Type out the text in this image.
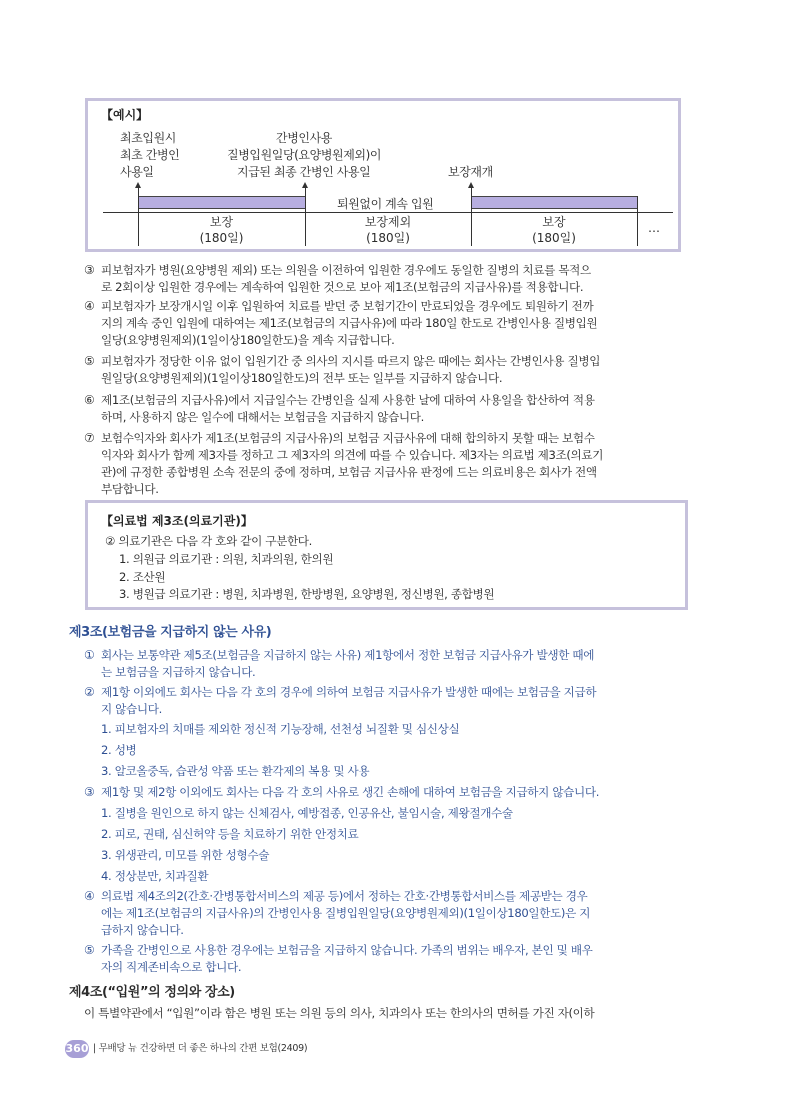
【예시】
최초입원시
최초 간병인
사용일
간병인사용
질병입원일당(요양병원제외)이
지급된 최종 간병인 사용일	보장재개
퇴원없이 계속 입원
보장
(180일)
보장제외
(180일)
보장
(180일)
…
③ 피보험자가 병원(요양병원 제외) 또는 의원을 이전하여 입원한 경우에도 동일한 질병의 치료를 목적으
로 2회이상 입원한 경우에는 계속하여 입원한 것으로 보아 제1조(보험금의 지급사유)를 적용합니다.
④ 피보험자가 보장개시일 이후 입원하여 치료를 받던 중 보험기간이 만료되었을 경우에도 퇴원하기 전까
지의 계속 중인 입원에 대하여는 제1조(보험금의 지급사유)에 따라 180일 한도로 간병인사용 질병입원
일당(요양병원제외)(1일이상180일한도)을 계속 지급합니다.
⑤ 피보험자가 정당한 이유 없이 입원기간 중 의사의 지시를 따르지 않은 때에는 회사는 간병인사용 질병입
원일당(요양병원제외)(1일이상180일한도)의 전부 또는 일부를 지급하지 않습니다.
⑥ 제1조(보험금의 지급사유)에서 지급일수는 간병인을 실제 사용한 날에 대하여 사용일을 합산하여 적용
하며, 사용하지 않은 일수에 대해서는 보험금을 지급하지 않습니다.
⑦ 보험수익자와 회사가 제1조(보험금의 지급사유)의 보험금 지급사유에 대해 합의하지 못할 때는 보험수
익자와 회사가 함께 제3자를 정하고 그 제3자의 의견에 따를 수 있습니다. 제3자는 의료법 제3조(의료기
관)에 규정한 종합병원 소속 전문의 중에 정하며, 보험금 지급사유 판정에 드는 의료비용은 회사가 전액
부담합니다.
【의료법 제3조(의료기관)】
② 의료기관은 다음 각 호와 같이 구분한다.
1. 의원급 의료기관 : 의원, 치과의원, 한의원
2. 조산원
3. 병원급 의료기관 : 병원, 치과병원, 한방병원, 요양병원, 정신병원, 종합병원
제3조(보험금을 지급하지 않는 사유)
① 회사는 보통약관 제5조(보험금을 지급하지 않는 사유) 제1항에서 정한 보험금 지급사유가 발생한 때에
는 보험금을 지급하지 않습니다.
② 제1항 이외에도 회사는 다음 각 호의 경우에 의하여 보험금 지급사유가 발생한 때에는 보험금을 지급하
지 않습니다.
1. 피보험자의 치매를 제외한 정신적 기능장해, 선천성 뇌질환 및 심신상실
2. 성병
3. 알코올중독, 습관성 약품 또는 환각제의 복용 및 사용
③ 제1항 및 제2항 이외에도 회사는 다음 각 호의 사유로 생긴 손해에 대하여 보험금을 지급하지 않습니다.
1. 질병을 원인으로 하지 않는 신체검사, 예방접종, 인공유산, 불임시술, 제왕절개수술
2. 피로, 권태, 심신허약 등을 치료하기 위한 안정치료
3. 위생관리, 미모를 위한 성형수술
4. 정상분만, 치과질환
④ 의료법 제4조의2(간호·간병통합서비스의 제공 등)에서 정하는 간호·간병통합서비스를 제공받는 경우
에는 제1조(보험금의 지급사유)의 간병인사용 질병입원일당(요양병원제외)(1일이상180일한도)은 지
급하지 않습니다.
⑤ 가족을 간병인으로 사용한 경우에는 보험금을 지급하지 않습니다. 가족의 범위는 배우자, 본인 및 배우
자의 직계존비속으로 합니다.
제4조(“입원”의 정의와 장소)
이 특별약관에서 “입원”이라 함은 병원 또는 의원 등의 의사, 치과의사 또는 한의사의 면허를 가진 자(이하
360 | 무배당 뉴 건강하면 더 좋은 하나의 간편 보험(2409)
